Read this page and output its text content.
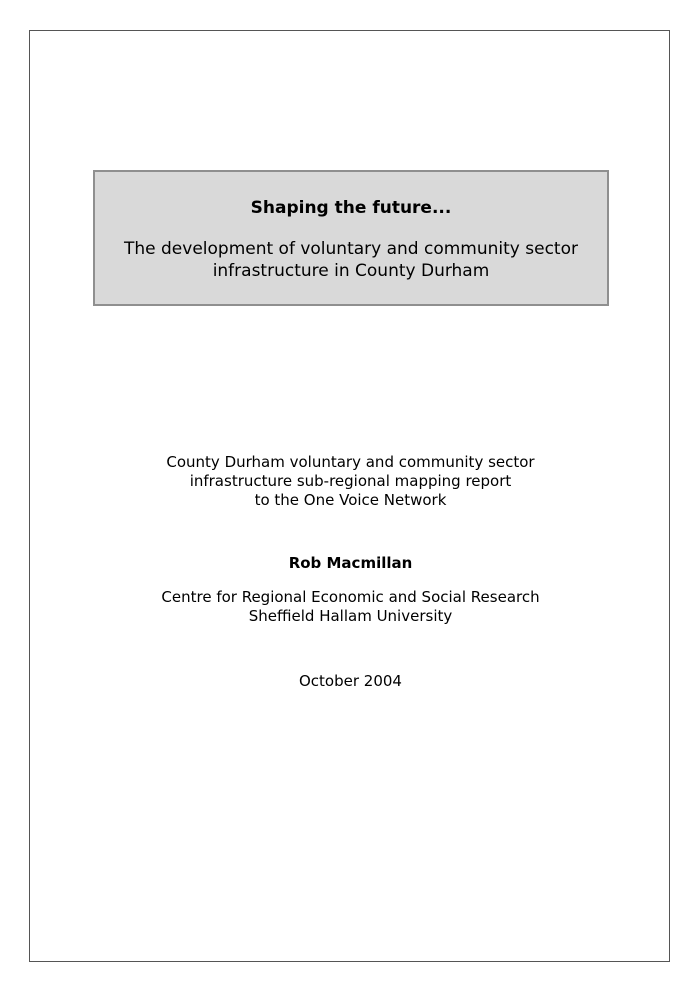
Shaping the future...
The development of voluntary and community sector
infrastructure in County Durham
County Durham voluntary and community sector
infrastructure sub-regional mapping report
to the One Voice Network
Rob Macmillan
Centre for Regional Economic and Social Research
Sheffield Hallam University
October 2004
